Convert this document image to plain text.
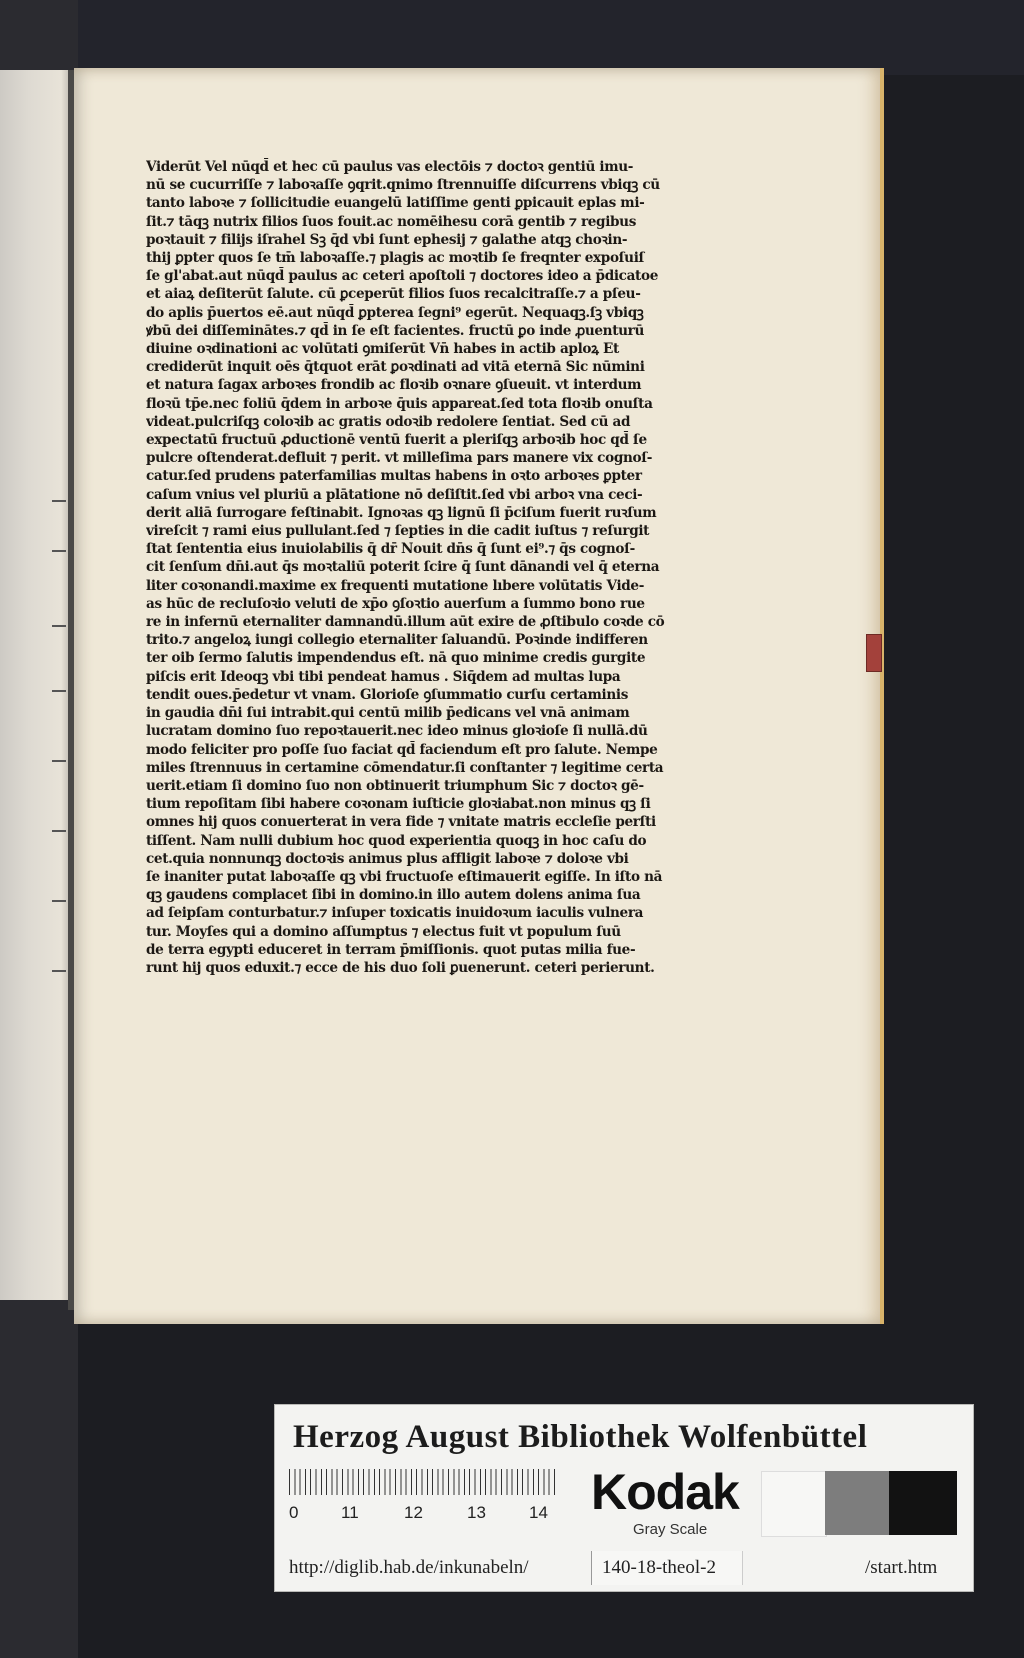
Viderūt Vel nūqd̄ et hec cū paulus vas electōis ⁊ doctoꝛ gentiū imu-
nū se cucurriſſe ⁊ laboꝛaſſe ꝯqrit.qnimo ſtrennuiſſe diſcurrens vbiqꝫ cū
tanto laboꝛe ⁊ ſollicitudie euangelū latiſſime genti ꝑpicauit eplas mi-
ſit.⁊ tāqꝫ nutrix filios ſuos fouit.ac nomēihesu corā gentib ⁊ regibus
poꝛtauit ⁊ filijs iſrahel Sꝫ q̄d vbi ſunt ephesij ⁊ galathe atqꝫ choꝛin-
thij ꝑpter quos ſe tm̄ laboꝛaſſe.⁊ plagis ac moꝛtib ſe freqnter expoſuiſ
ſe gl'abat.aut nūqd̄ paulus ac ceteri apoſtoli ⁊ doctores ideo a p̄dicatoe
et aiaꝝ deſiterūt ſalute. cū ꝑceperūt filios ſuos recalcitraſſe.⁊ a pſeu-
do aplis p̄uertos eē.aut nūqd̄ ꝑpterea ſegni⁹ egerūt. Nequaqꝫ.ſꝫ vbiqꝫ
ꝟbū dei diſſeminātes.⁊ qd̄ in ſe eſt facientes. fructū ꝑo inde ꝓuenturū
diuine oꝛdinationi ac volūtati ꝯmiſerūt Vn̄ habes in actib aploꝝ Et
crediderūt inquit oēs q̄tquot erāt ꝑoꝛdinati ad vitā eternā Sic nūmini
et natura ſagax arboꝛes frondib ac floꝛib oꝛnare ꝯſueuit. vt interdum
floꝛū tp̄e.nec foliū q̄dem in arboꝛe q̄uis appareat.ſed tota floꝛib onuſta
videat.pulcriſqꝫ coloꝛib ac gratis odoꝛib redolere ſentiat. Sed cū ad
expectatū fructuū ꝓductionē ventū fuerit a pleriſqꝫ arboꝛib hoc qd̄ ſe
pulcre oſtenderat.defluit ⁊ perit. vt milleſima pars manere vix cognoſ-
catur.ſed prudens paterfamilias multas habens in oꝛto arboꝛes ꝑpter
caſum vnius vel pluriū a plātatione nō deſiſtit.ſed vbi arboꝛ vna ceci-
derit aliā ſurrogare feſtinabit. Ignoꝛas qꝫ lignū ſi p̄ciſum fuerit ruꝛſum
vireſcit ⁊ rami eius pullulant.ſed ⁊ ſepties in die cadit iuſtus ⁊ reſurgit
ſtat ſententia eius inuiolabilis q̄ dr̄ Nouit dn̄s q̄ ſunt ei⁹.⁊ q̄s cognoſ-
cit ſenſum dn̄i.aut q̄s moꝛtaliū poterit ſcire q̄ ſunt dānandi vel q̄ eterna
liter coꝛonandi.maxime ex frequenti mutatione lıbere volūtatis Vide-
as hūc de recluſoꝛio veluti de xp̄o ꝯſoꝛtio auerſum a ſummo bono rue
re in infernū eternaliter damnandū.illum aūt exire de ꝓſtibulo coꝛde cō
trito.⁊ angeloꝝ iungi collegio eternaliter ſaluandū. Poꝛinde indifferen
ter oib ſermo ſalutis impendendus eſt. nā quo minime credis gurgite
piſcis erit Ideoqꝫ vbi tibi pendeat hamus . Siq̄dem ad multas lupa
tendit oues.p̄edetur vt vnam. Glorioſe ꝯſummatio curſu certaminis
in gaudia dn̄i ſui intrabit.qui centū milib p̄edicans vel vnā animam
lucratam domino ſuo repoꝛtauerit.nec ideo minus gloꝛioſe ſi nullā.dū
modo feliciter pro poſſe ſuo faciat qd̄ faciendum eſt pro ſalute. Nempe
miles ſtrennuus in certamine cōmendatur.ſi conſtanter ⁊ legitime certa
uerit.etiam ſi domino ſuo non obtinuerit triumphum Sic ⁊ doctoꝛ gē-
tium repoſitam ſibi habere coꝛonam iuſticie gloꝛiabat.non minus qꝫ ſi
omnes hij quos conuerterat in vera fide ⁊ vnitate matris eccleſie perſti
tiſſent. Nam nulli dubium hoc quod experientia quoqꝫ in hoc caſu do
cet.quia nonnunqꝫ doctoꝛis animus plus affligit laboꝛe ⁊ doloꝛe vbi
ſe inaniter putat laboꝛaſſe qꝫ vbi fructuoſe eſtimauerit egiſſe. In iſto nā
qꝫ gaudens complacet ſibi in domino.in illo autem dolens anima ſua
ad ſeipſam conturbatur.⁊ inſuper toxicatis inuidoꝛum iaculis vulnera
tur. Moyſes qui a domino aſſumptus ⁊ electus fuit vt populum ſuū
de terra egypti educeret in terram p̄miſſionis. quot putas milia fue-
runt hij quos eduxit.⁊ ecce de his duo ſoli ꝑuenerunt. ceteri perierunt.
Herzog August Bibliothek Wolfenbüttel
0	11	12	13	14 Kodak
Gray Scale
http://diglib.hab.de/inkunabeln/	140-18-theol-2	/start.htm
